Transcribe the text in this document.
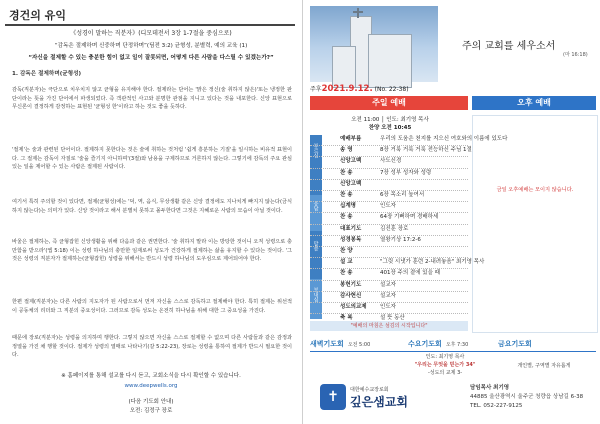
경건의 유익
《성경이 말하는 직분자》(디모데전서 3장 1-7절을 중심으로)
“감독은 절제하며 신중하며 단정하며”(딤전 3:2) 균형성, 분별력, 예의 교육 (1)
“자신을 절제할 수 있는 충분한 힘이 없고 일이 잘못되면, 어떻게 다른 사람을 다스릴 수 있겠는가?”
1. 감독은 절제하며(균형성)
감독(직분자)는 극단으로 치우치지 않고 균형을 유지해야 한다. 절제라는 단어는 '맑은 정신(술 취하지 않은)'또는 냉정한 판단이라는 뜻을 가진 단어에서 파생되었다. 즉 객관적인 사고와 분명한 관점을 지니고 있다는 것을 내포한다. 신앙 표현으로 무신론이 결정하게 감정하는 표현된 '균형성 한'이라고 하는 것도 좋을 듯하다.
'절제'는 술과 관련된 단어이다. 절제하지 못한다는 것은 술에 취하는 것처럼 '쉽게 흥분하는 기질'을 일시하는 비유적 표현이다. 그 절제는 감독이 자질로 '술을 즐기지 아니하며'(3절)와 남용을 구제하므로 거론하지 않는다. 그렇기에 감독의 주요 관심 있는 일을 제어할 수 있는 사람은 절제된 사람이다.
여기서 특히 주의할 것이 있다면, 절제(균형성)에는 '덕, 역, 음식, 무상생활 같은 신앙 결정에도 지나치게 빠지지 않는다(금식하지 않는다)는 의미가 있다. 신앙 것이라고 해서 분별치 못하고 몰두한다면 그것은 지혜로운 사람의 모습이 아닐 것이다.
바울은 절제하는, 즉 균형잡힌 신앙생활을 위해 다음과 같은 권면한다. '술 취하지 말라 이는 방탕한 것이니 오직 성령으로 충만함을 받으라'(엡 5:18) 이는 성령 하나님의 충만한 임재로써 성도가 건강하게 절제하는 삶을 유지할 수 있다는 것이다. '그것은 성령의 직분자가 절제하는(균형잡힌) 성령을 위해서는 반드시 성령 하나님의 도우심으로 제어되어야 한다.
한편 절제(직분자)는 다른 사람의 지도자가 된 사람으로서 먼저 자신을 스스로 감독하고 절제해야 한다. 특히 절제는 위선적이 공동체의 리더와 그 직분의 중요성이다. 그러므로 감독 성도는 온전히 하나님을 위해 대한 그 중요성을 가진다.
때문에 장로(직분자)는 성령을 의지하며 행한다. 그렇지 않으면 자신을 스스로 절제할 수 없으며 다른 사람들과 같은 감정과 정열을 가진 채 행할 것이다. 절제가 성령의 열매로 나타나기(갈 5:22-23), 장로는 성령을 통하여 절제가 반드시 필요한 것이다.
※ 홈페이지를 통해 설교를 다시 듣고, 교회소식을 다시 확인할 수 있습니다.
www.deepwells.org
(다음 기도회 안내)
오전: 김정구 장로
주의 교회를 세우소서
(마 16:18)
주후2021.9.12. (No. 22-38)
주일 예배	오후 예배
오전 11:00 │ 인도: 최기영 목사
찬양 오전 10:45
부르심
응답
말씀
보내심
예배부름	우리의 도움은 천지를 지으신 여호와의 이름에 있도다
송 영	8장 거룩 거룩 거룩 전능하신 주님 1절
신앙고백	사도신경
찬 송	7장 성부 성자와 성령
신앙고백
찬 송	6장 목소리 높여서
십계명	인도자
찬 송	64장 기뻐하며 경배하세
대표기도	김진훈 장로
성경봉독	열왕기상 17:2-6
찬 양
설 교	"그릿 시냇가 훈련 2-내려놓음" 최기영 목사
찬 송	401장 주의 곁에 있을 때
봉헌기도	설교자
감사헌신	설교자
성도의교제	인도자
축 복	설 뜻 동산
"예배의 마침은 섬김의 시작입니다"
금일 오후예배는 모이지 않습니다.
새벽기도회 오전 5:00	수요기도회 오후 7:30	금요기도회
인도: 최기영 목사
"우리는 무엇을 믿는가 34"
-성도의 교제 3-
개인별, 구역별 자유롭게
✝	대한예수교장로회
깊은샘교회
담임목사 최기영
44885 울산광역시 울주군 청량읍 상남길 6-38
TEL. 052-227-9125
